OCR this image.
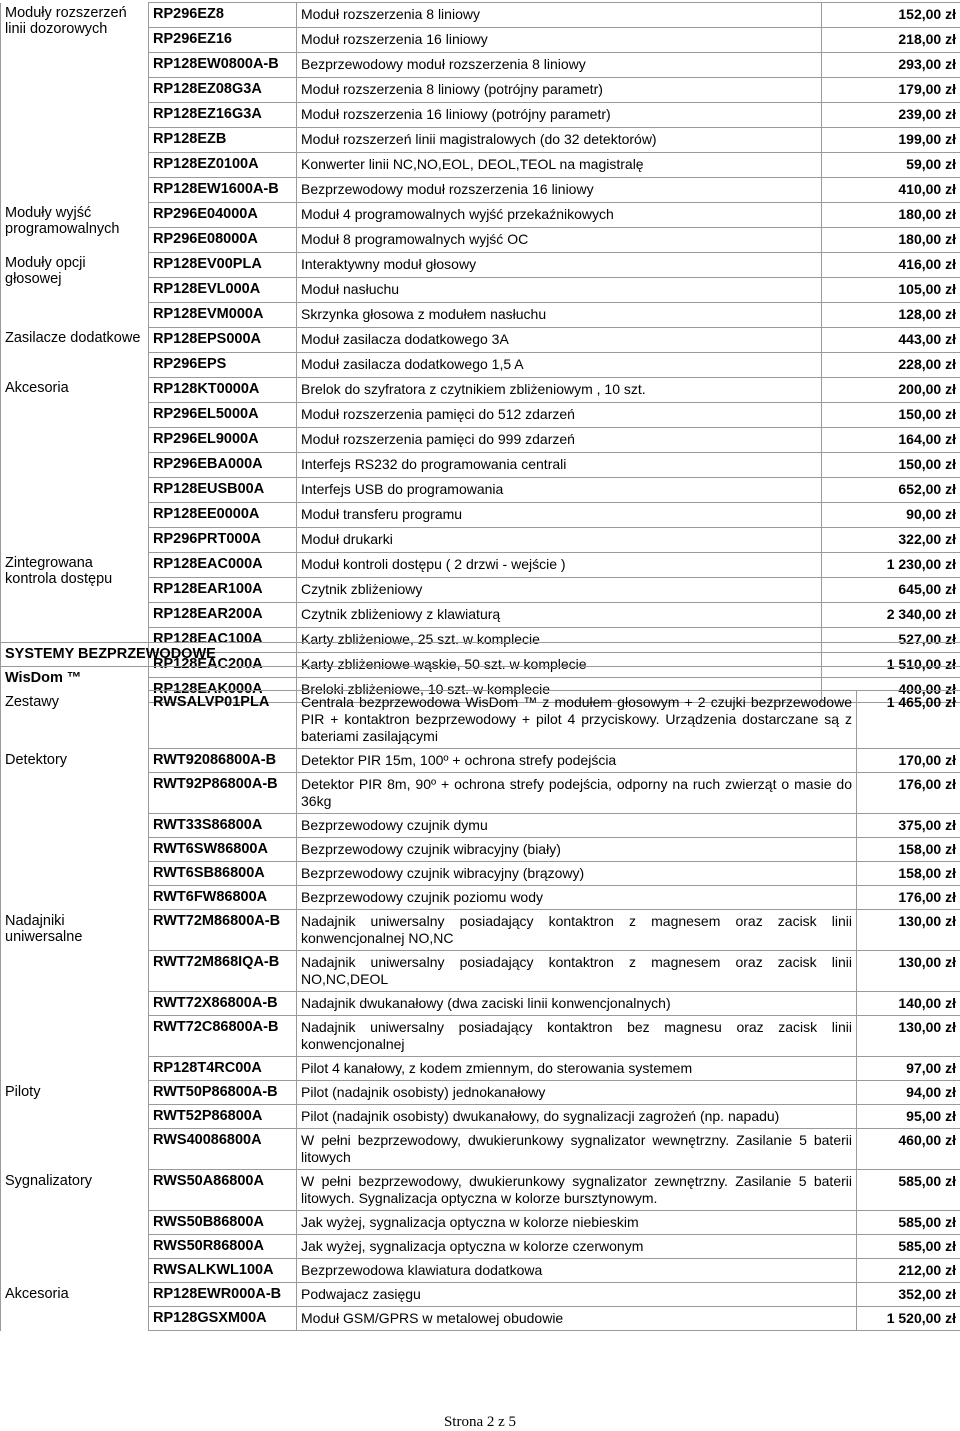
Moduły rozszerzeń linii dozorowych	RP296EZ8	Moduł rozszerzenia 8 liniowy	152,00 zł
	RP296EZ16	Moduł rozszerzenia 16 liniowy	218,00 zł
	RP128EW0800A-B	Bezprzewodowy moduł rozszerzenia 8 liniowy	293,00 zł
	RP128EZ08G3A	Moduł rozszerzenia 8 liniowy (potrójny parametr)	179,00 zł
	RP128EZ16G3A	Moduł rozszerzenia 16 liniowy (potrójny parametr)	239,00 zł
	RP128EZB	Moduł rozszerzeń linii magistralowych (do 32 detektorów)	199,00 zł
	RP128EZ0100A	Konwerter linii NC,NO,EOL, DEOL,TEOL na magistralę	59,00 zł
	RP128EW1600A-B	Bezprzewodowy moduł rozszerzenia 16 liniowy	410,00 zł
Moduły wyjść programowalnych	RP296E04000A	Moduł 4 programowalnych wyjść przekaźnikowych	180,00 zł
	RP296E08000A	Moduł 8 programowalnych wyjść OC	180,00 zł
Moduły opcji głosowej	RP128EV00PLA	Interaktywny moduł głosowy	416,00 zł
	RP128EVL000A	Moduł nasłuchu	105,00 zł
	RP128EVM000A	Skrzynka głosowa z modułem nasłuchu	128,00 zł
Zasilacze dodatkowe	RP128EPS000A	Moduł zasilacza dodatkowego 3A	443,00 zł
	RP296EPS	Moduł zasilacza dodatkowego 1,5 A	228,00 zł
Akcesoria	RP128KT0000A	Brelok do szyfratora z czytnikiem zbliżeniowym , 10 szt.	200,00 zł
	RP296EL5000A	Moduł rozszerzenia pamięci do 512 zdarzeń	150,00 zł
	RP296EL9000A	Moduł rozszerzenia pamięci do 999 zdarzeń	164,00 zł
	RP296EBA000A	Interfejs RS232 do programowania centrali	150,00 zł
	RP128EUSB00A	Interfejs USB do programowania	652,00 zł
	RP128EE0000A	Moduł transferu programu	90,00 zł
	RP296PRT000A	Moduł drukarki	322,00 zł
Zintegrowana kontrola dostępu	RP128EAC000A	Moduł kontroli dostępu ( 2 drzwi - wejście )	1 230,00 zł
	RP128EAR100A	Czytnik zbliżeniowy	645,00 zł
	RP128EAR200A	Czytnik zbliżeniowy z klawiaturą	2 340,00 zł
	RP128EAC100A	Karty zbliżeniowe, 25 szt. w komplecie	527,00 zł
	RP128EAC200A	Karty zbliżeniowe wąskie, 50 szt. w komplecie	1 510,00 zł
	RP128EAK000A	Breloki zbliżeniowe, 10 szt. w komplecie	400,00 zł
SYSTEMY BEZPRZEWODOWE			
WisDom ™			
Zestawy	RWSALVP01PLA	Centrala bezprzewodowa WisDom ™ z modułem głosowym + 2 czujki bezprzewodowe PIR + kontaktron bezprzewodowy + pilot 4 przyciskowy. Urządzenia dostarczane są z bateriami zasilającymi	1 465,00 zł
Detektory	RWT92086800A-B	Detektor PIR 15m, 100º + ochrona strefy podejścia	170,00 zł
	RWT92P86800A-B	Detektor PIR 8m, 90º + ochrona strefy podejścia, odporny na ruch zwierząt o masie do 36kg	176,00 zł
	RWT33S86800A	Bezprzewodowy czujnik dymu	375,00 zł
	RWT6SW86800A	Bezprzewodowy czujnik wibracyjny (biały)	158,00 zł
	RWT6SB86800A	Bezprzewodowy czujnik wibracyjny (brązowy)	158,00 zł
	RWT6FW86800A	Bezprzewodowy czujnik poziomu wody	176,00 zł
Nadajniki uniwersalne	RWT72M86800A-B	Nadajnik uniwersalny posiadający kontaktron z magnesem oraz zacisk linii konwencjonalnej NO,NC	130,00 zł
	RWT72M868IQA-B	Nadajnik uniwersalny posiadający kontaktron z magnesem oraz zacisk linii NO,NC,DEOL	130,00 zł
	RWT72X86800A-B	Nadajnik dwukanałowy (dwa zaciski linii konwencjonalnych)	140,00 zł
	RWT72C86800A-B	Nadajnik uniwersalny posiadający kontaktron bez magnesu oraz zacisk linii konwencjonalnej	130,00 zł
	RP128T4RC00A	Pilot 4 kanałowy, z kodem zmiennym, do sterowania systemem	97,00 zł
Piloty	RWT50P86800A-B	Pilot (nadajnik osobisty) jednokanałowy	94,00 zł
	RWT52P86800A	Pilot (nadajnik osobisty) dwukanałowy, do sygnalizacji zagrożeń (np. napadu)	95,00 zł
	RWS40086800A	W pełni bezprzewodowy, dwukierunkowy sygnalizator wewnętrzny. Zasilanie 5 baterii litowych	460,00 zł
Sygnalizatory	RWS50A86800A	W pełni bezprzewodowy, dwukierunkowy sygnalizator zewnętrzny. Zasilanie 5 baterii litowych. Sygnalizacja optyczna w kolorze bursztynowym.	585,00 zł
	RWS50B86800A	Jak wyżej, sygnalizacja optyczna w kolorze niebieskim	585,00 zł
	RWS50R86800A	Jak wyżej, sygnalizacja optyczna w kolorze czerwonym	585,00 zł
	RWSALKWL100A	Bezprzewodowa klawiatura dodatkowa	212,00 zł
Akcesoria	RP128EWR000A-B	Podwajacz zasięgu	352,00 zł
	RP128GSXM00A	Moduł GSM/GPRS w metalowej obudowie	1 520,00 zł
Strona 2 z 5
